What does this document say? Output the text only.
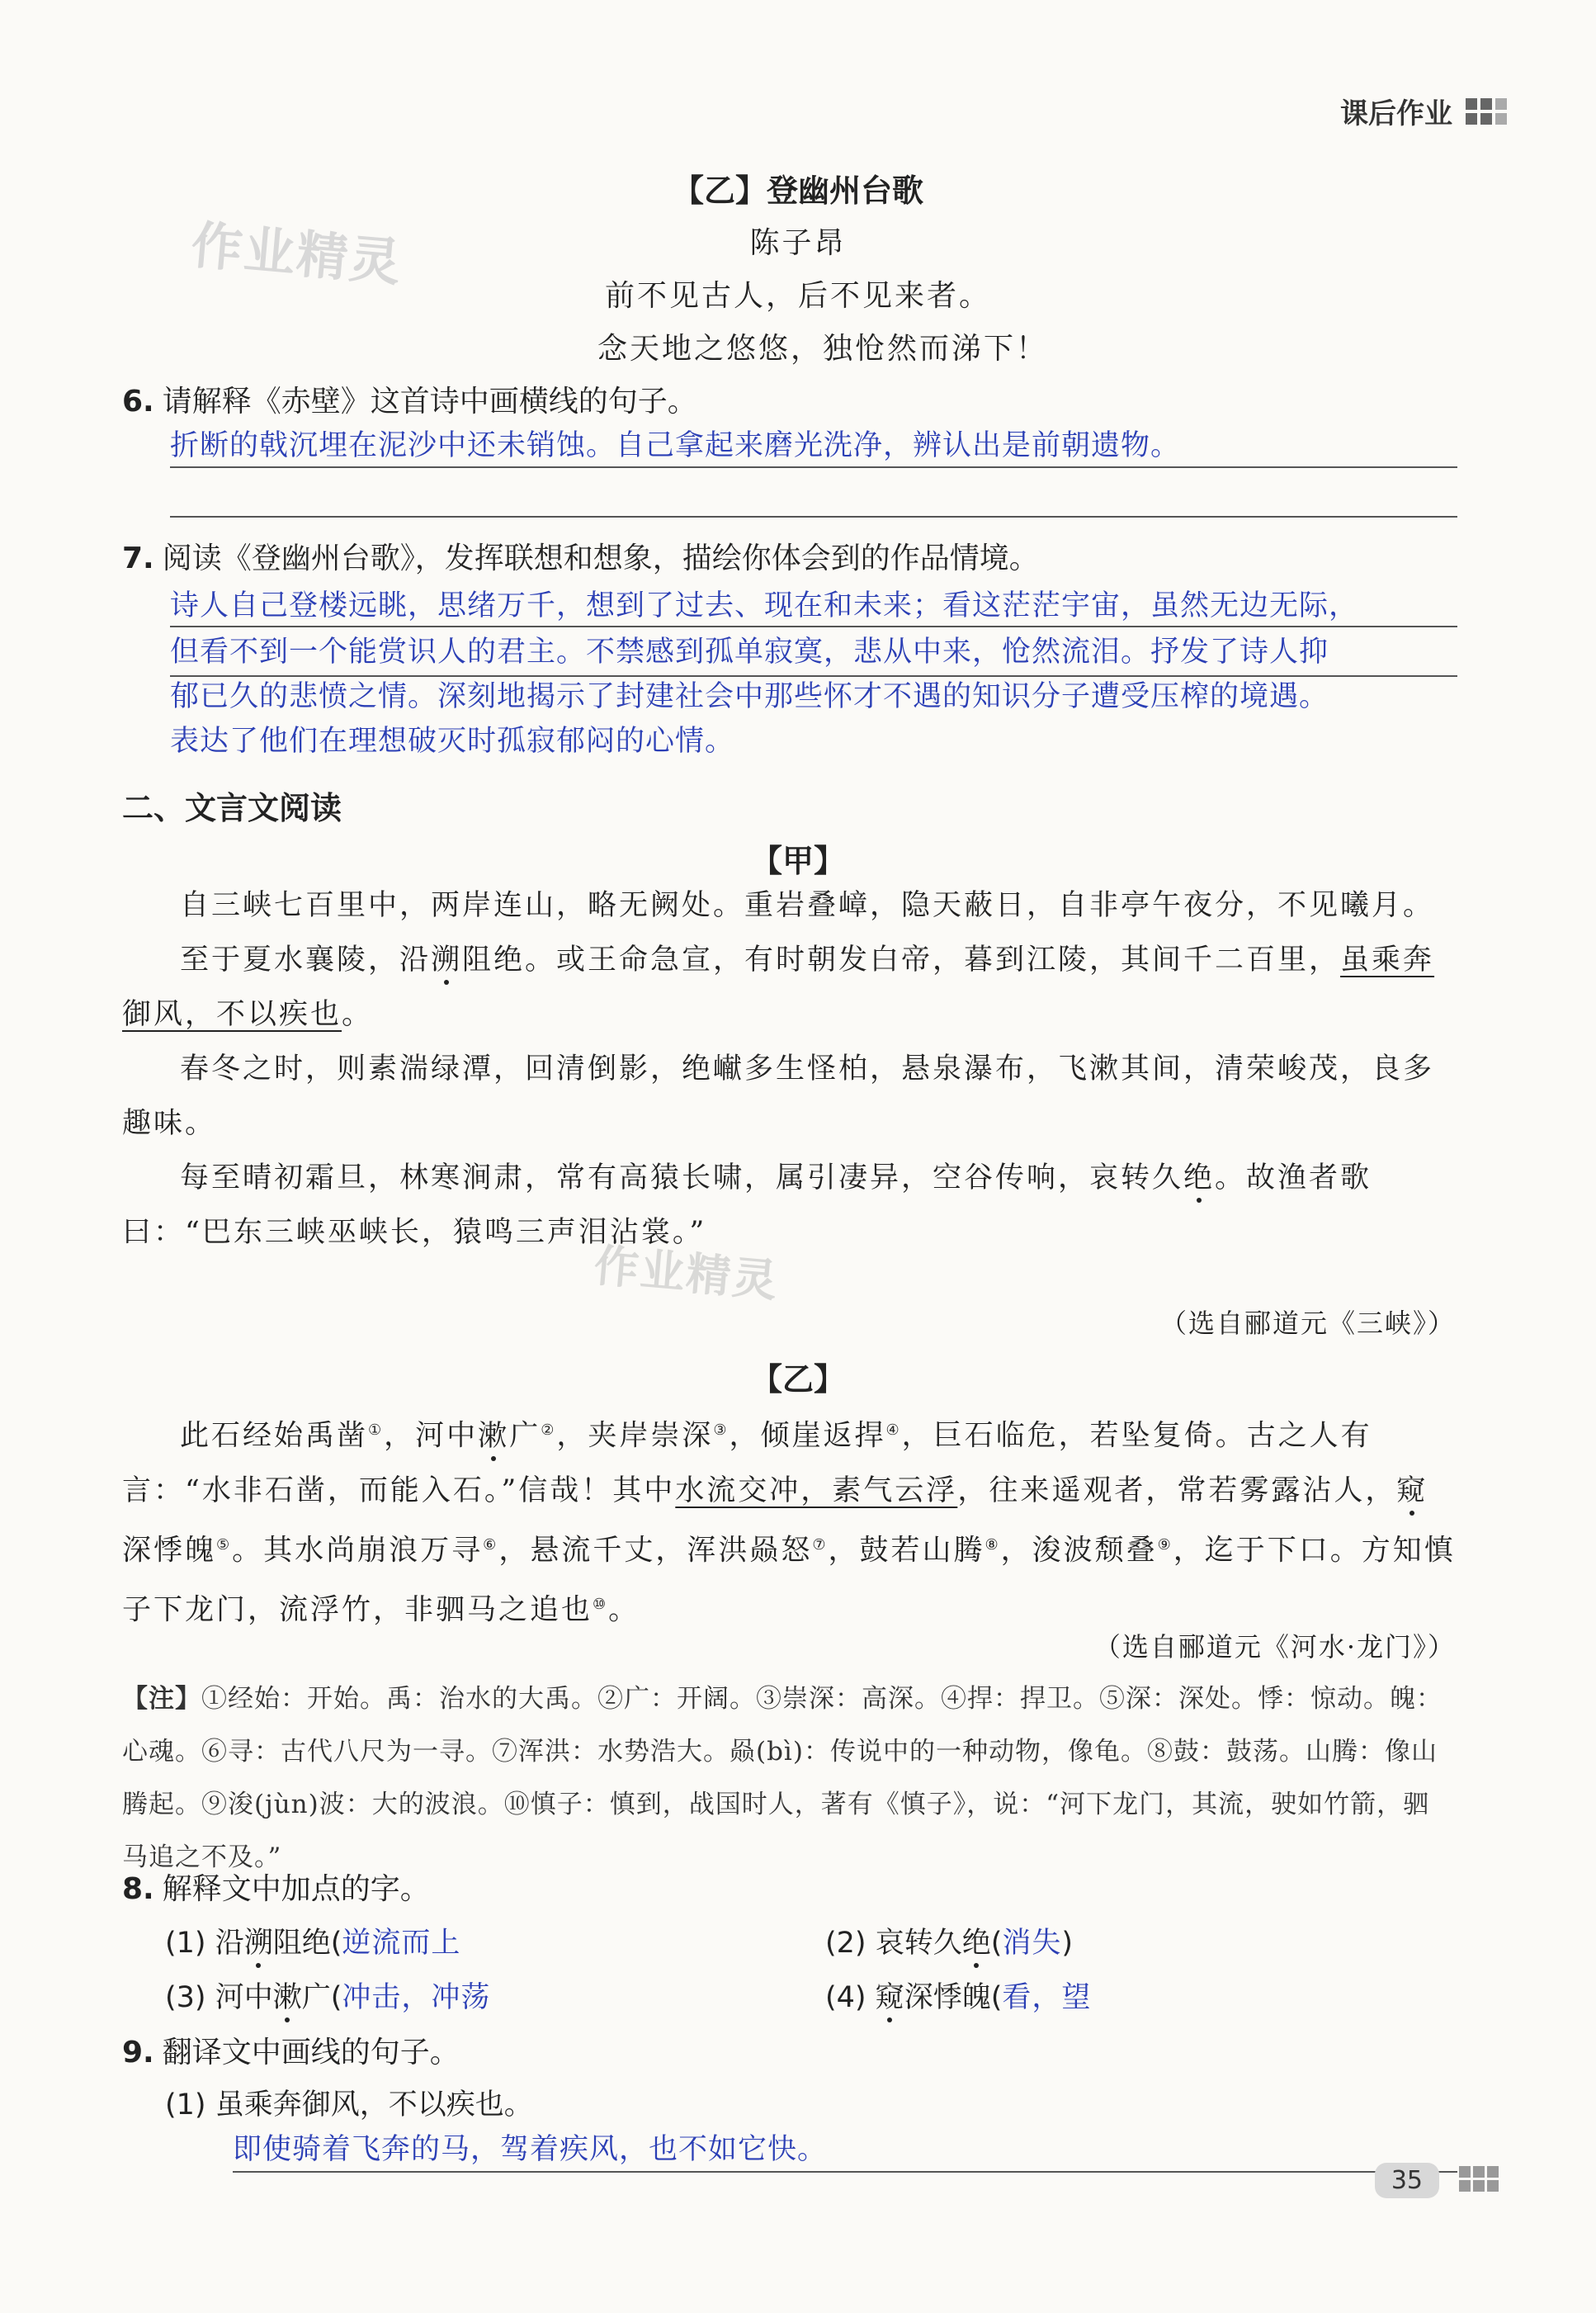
课后作业
作业精灵
作业精灵
【乙】登幽州台歌
陈子昂
前不见古人，后不见来者。
念天地之悠悠，独怆然而涕下！
6. 请解释《赤壁》这首诗中画横线的句子。
折断的戟沉埋在泥沙中还未销蚀。自己拿起来磨光洗净，辨认出是前朝遗物。
7. 阅读《登幽州台歌》，发挥联想和想象，描绘你体会到的作品情境。
诗人自己登楼远眺，思绪万千，想到了过去、现在和未来；看这茫茫宇宙，虽然无边无际，
但看不到一个能赏识人的君主。不禁感到孤单寂寞，悲从中来，怆然流泪。抒发了诗人抑
郁已久的悲愤之情。深刻地揭示了封建社会中那些怀才不遇的知识分子遭受压榨的境遇。
表达了他们在理想破灭时孤寂郁闷的心情。
二、文言文阅读
【甲】

自三峡七百里中，两岸连山，略无阙处。重岩叠嶂，隐天蔽日，自非亭午夜分，不见曦月。

至于夏水襄陵，沿溯阻绝。或王命急宣，有时朝发白帝，暮到江陵，其间千二百里，虽乘奔御风，不以疾也。

春冬之时，则素湍绿潭，回清倒影，绝𪩘多生怪柏，悬泉瀑布，飞漱其间，清荣峻茂，良多趣味。

每至晴初霜旦，林寒涧肃，常有高猿长啸，属引凄异，空谷传响，哀转久绝。故渔者歌曰：“巴东三峡巫峡长，猿鸣三声泪沾裳。”

（选自郦道元《三峡》）
【乙】

此石经始禹凿①，河中漱广②，夹岸崇深③，倾崖返捍④，巨石临危，若坠复倚。古之人有言：“水非石凿，而能入石。”信哉！其中水流交冲，素气云浮，往来遥观者，常若雾露沾人，窥深悸魄⑤。其水尚崩浪万寻⑥，悬流千丈，浑洪赑怒⑦，鼓若山腾⑧，浚波颓叠⑨，迄于下口。方知慎子下龙门，流浮竹，非驷马之追也⑩。

（选自郦道元《河水·龙门》）
【注】①经始：开始。禹：治水的大禹。②广：开阔。③崇深：高深。④捍：捍卫。⑤深：深处。悸：惊动。魄：心魂。⑥寻：古代八尺为一寻。⑦浑洪：水势浩大。赑(bì)：传说中的一种动物，像龟。⑧鼓：鼓荡。山腾：像山腾起。⑨浚(jùn)波：大的波浪。⑩慎子：慎到，战国时人，著有《慎子》，说：“河下龙门，其流，驶如竹箭，驷马追之不及。”
8. 解释文中加点的字。
(1) 沿溯阻绝(逆流而上	(2) 哀转久绝(消失)
(3) 河中漱广(冲击，冲荡	(4) 窥深悸魄(看，望
9. 翻译文中画线的句子。
(1) 虽乘奔御风，不以疾也。
即使骑着飞奔的马，驾着疾风，也不如它快。
35
